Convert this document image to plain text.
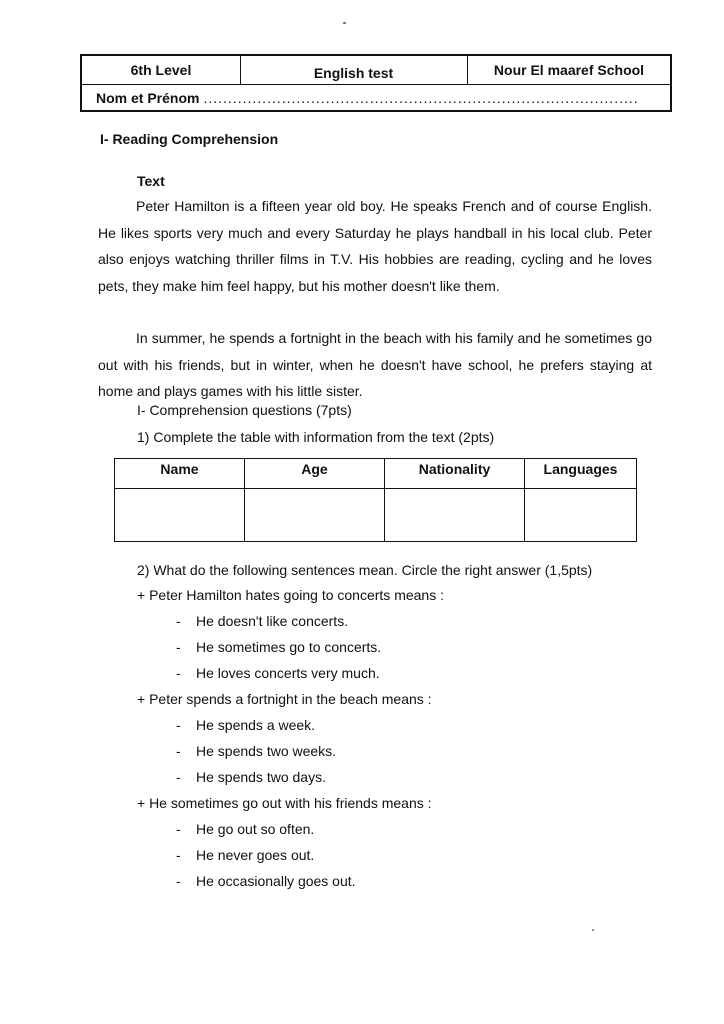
6th Level	English test	Nour El maaref School
Nom et Prénom .........................................................................................
I- Reading Comprehension
Text

Peter Hamilton is a fifteen year old boy. He speaks French and of course English. He likes sports very much and every Saturday he plays handball in his local club. Peter also enjoys watching thriller films in T.V. His hobbies are reading, cycling and he loves pets, they make him feel happy, but his mother doesn't like them.

In summer, he spends a fortnight in the beach with his family and he sometimes go out with his friends, but in winter, when he doesn't have school, he prefers staying at home and plays games with his little sister.

I- Comprehension questions (7pts)
1) Complete the table with information from the text (2pts)
Name	Age	Nationality	Languages

2) What do the following sentences mean. Circle the right answer (1,5pts)
+ Peter Hamilton hates going to concerts means :
- He doesn't like concerts.
- He sometimes go to concerts.
- He loves concerts very much.
+ Peter spends a fortnight in the beach means :
- He spends a week.
- He spends two weeks.
- He spends two days.
+ He sometimes go out with his friends means :
- He go out so often.
- He never goes out.
- He occasionally goes out.
